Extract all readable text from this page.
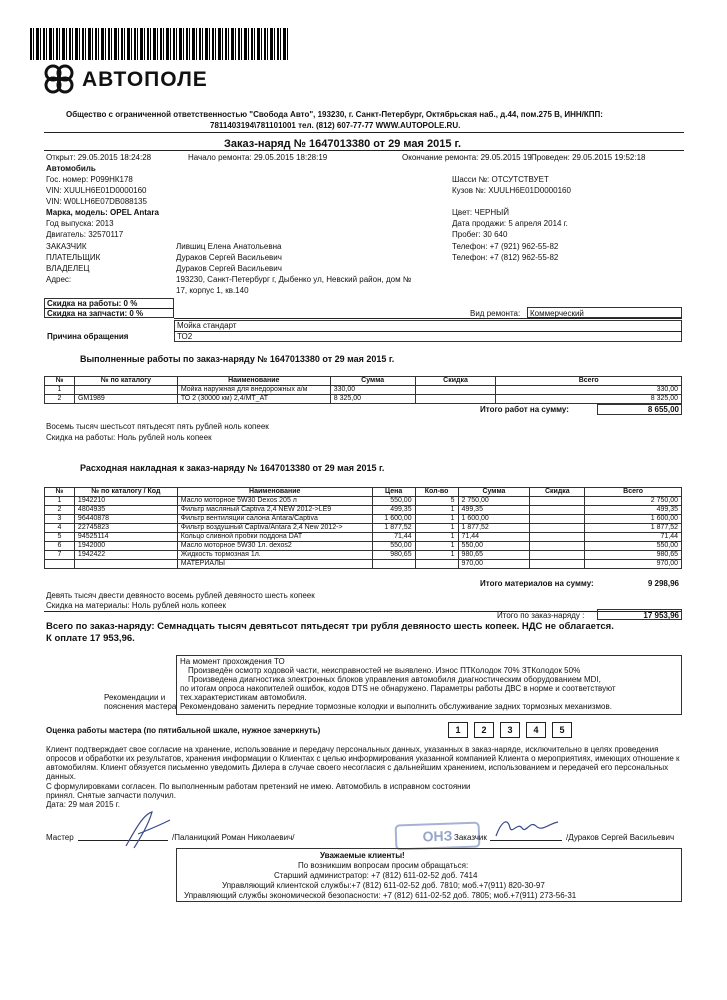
АВТОПОЛЕ
Общество с ограниченной ответственностью "Свобода Авто", 193230, г. Санкт-Петербург, Октябрьская наб., д.44, пом.275 В, ИНН/КПП:
7811403194\781101001 тел. (812) 607-77-77 WWW.AUTOPOLE.RU.
Заказ-наряд № 1647013380 от 29 мая 2015 г.
Открыт: 29.05.2015 18:24:28	Начало ремонта: 29.05.2015 18:28:19	Окончание ремонта: 29.05.2015 19 Проведен: 29.05.2015 19:52:18
Автомобиль
Гос. номер: Р099НК178
VIN: XUULH6E01D0000160
VIN: W0LLH6E07DB088135
Марка, модель: OPEL Antara
Год выпуска: 2013
Двигатель: 32570117
Шасси №: ОТСУТСТВУЕТ
Кузов №: XUULH6E01D0000160
Цвет: ЧЕРНЫЙ
Дата продажи: 5 апреля 2014 г.
Пробег: 30 640
ЗАКАЗЧИК	Лившиц Елена Анатольевна	Телефон: +7 (921) 962-55-82
ПЛАТЕЛЬЩИК	Дураков Сергей Васильевич	Телефон: +7 (812) 962-55-82
ВЛАДЕЛЕЦ	Дураков Сергей Васильевич
Адрес:	193230, Санкт-Петербург г, Дыбенко ул, Невский район, дом №
17, корпус 1, кв.140
Скидка на работы: 0 %
Скидка на запчасти: 0 %	Вид ремонта: Коммерческий
Мойка стандарт
ТО2
Причина обращения
Выполненные работы по заказ-наряду № 1647013380 от 29 мая 2015 г.
№	№ по каталогу	Наименование	Сумма	Скидка	Всего
1		Мойка наружная для внедорожных а/м	330,00		330,00
2	GM1989	ТО 2 (30000 км) 2,4/MT_AT	8 325,00		8 325,00
Итого работ на сумму:	8 655,00
Восемь тысяч шестьсот пятьдесят пять рублей ноль копеек
Скидка на работы: Ноль рублей ноль копеек
Расходная накладная к заказ-наряду № 1647013380 от 29 мая 2015 г.
№	№ по каталогу / Код	Наименование	Цена	Кол-во	Сумма	Скидка	Всего
1	1942210	Масло моторное 5W30 Dexos 205 л	550,00	5	2 750,00		2 750,00
2	4804935	Фильтр масляный Captiva 2,4 NEW 2012->LE9	499,35	1	499,35		499,35
3	96440878	Фильтр вентиляции салона Antara/Captiva	1 600,00	1	1 600,00		1 600,00
4	22745823	Фильтр воздушный Captiva/Antara 2,4 New 2012->	1 877,52	1	1 877,52		1 877,52
5	94525114	Кольцо сливной пробки поддона DAT	71,44	1	71,44		71,44
6	1942000	Масло моторное 5W30 1л. dexos2	550,00	1	550,00		550,00
7	1942422	Жидкость тормозная 1л.	980,65	1	980,65		980,65
		МАТЕРИАЛЫ			970,00		970,00
Итого материалов на сумму:	9 298,96
Девять тысяч двести девяносто восемь рублей девяносто шесть копеек
Скидка на материалы: Ноль рублей ноль копеек
Итого по заказ-наряду :	17 953,96
Всего по заказ-наряду: Семнадцать тысяч девятьсот пятьдесят три рубля девяносто шесть копеек. НДС не облагается.
К оплате 17 953,96.
На момент прохождения ТО
Произведён осмотр ходовой части, неисправностей не выявлено. Износ ПТКолодок 70% ЗТКолодок 50%
Произведена диагностика электронных блоков управления автомобиля диагностическим оборудованием MDI,
по итогам опроса накопителей ошибок, кодов DTS не обнаружено. Параметры работы ДВС в норме и соответствуют
тех.характеристикам автомобиля.
Рекомендовано заменить передние тормозные колодки и выполнить обслуживание задних тормозных механизмов.
Рекомендации и
пояснения мастера
Оценка работы мастера (по пятибальной шкале, нужное зачеркнуть)	1	2	3	4	5
Клиент подтверждает свое согласие на хранение, использование и передачу персональных данных, указанных в заказ-наряде, исключительно в целях проведения
опросов и обработки их результатов, хранения информации о Клиентах с целью информирования указанной компанией Клиента о мероприятиях, имеющих отношение к
автомобилям. Клиент обязуется письменно уведомить Дилера в случае своего несогласия с дальнейшим хранением, использованием и передачей его персональных
данных.
С формулировками согласен. По выполненным работам претензий не имею. Автомобиль в исправном состоянии
принял. Снятые запчасти получил.
Дата: 29 мая 2015 г.
Мастер	/Паланицкий Роман Николаевич/	ОНЗ Заказчик	/Дураков Сергей Васильевич
Уважаемые клиенты!
По возникшим вопросам просим обращаться:
Старший администратор: +7 (812) 611-02-52 доб. 7414
Управляющий клиентской службы:+7 (812) 611-02-52 доб. 7810; моб.+7(911) 820-30-97
Управляющий службы экономической безопасности: +7 (812) 611-02-52 доб. 7805; моб.+7(911) 273-56-31
